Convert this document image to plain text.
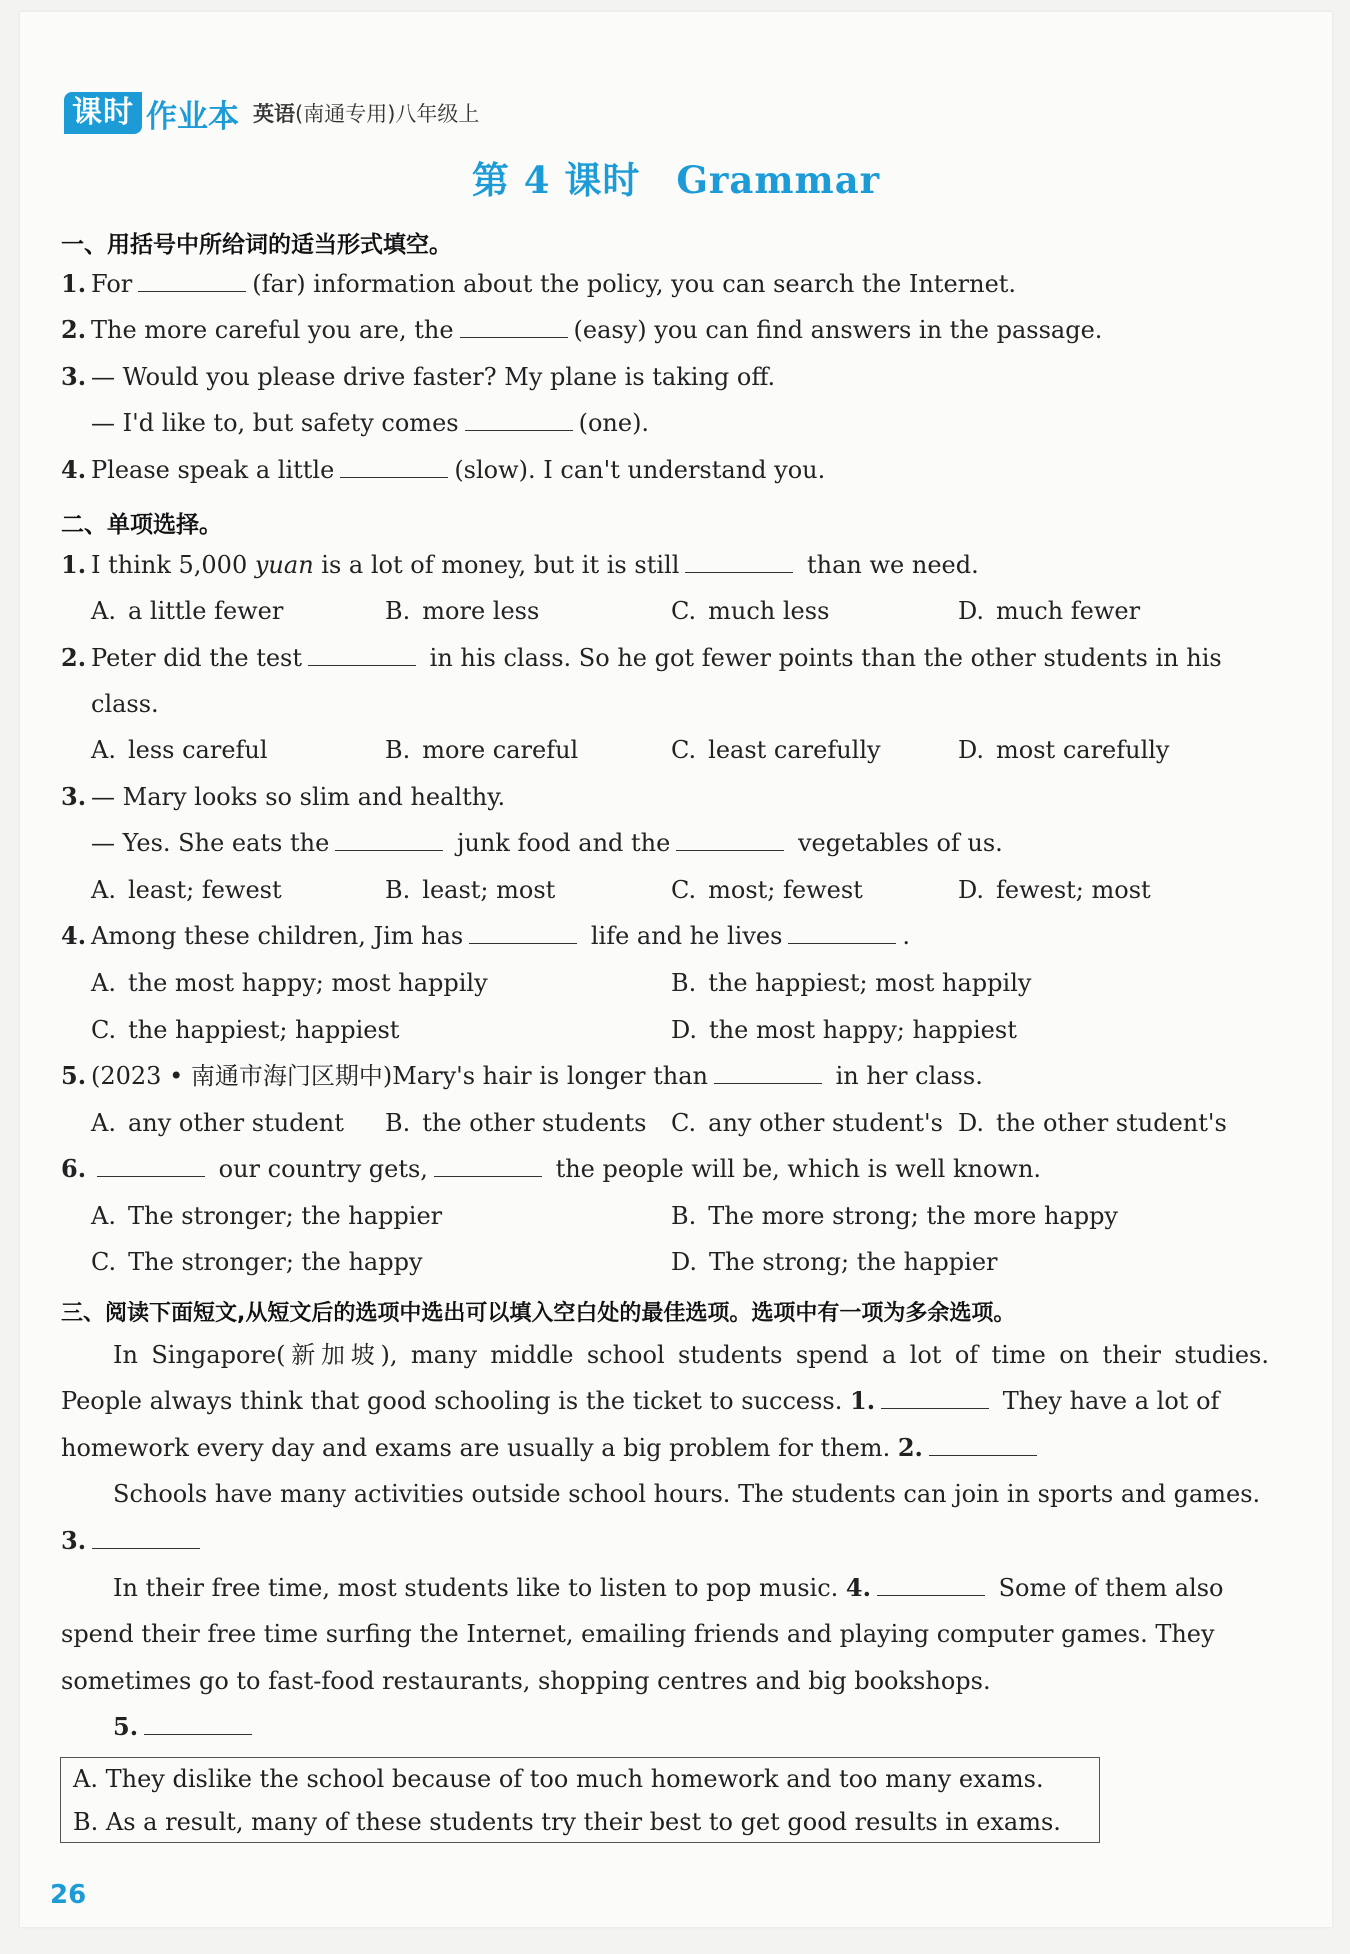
课时 作业本 英语(南通专用)八年级上
第 4 课时 Grammar
一、用括号中所给词的适当形式填空。
1. For	(far) information about the policy, you can search the Internet.
2. The more careful you are, the	(easy) you can find answers in the passage.
3. — Would you please drive faster? My plane is taking off.
— I'd like to, but safety comes	(one).
4. Please speak a little	(slow). I can't understand you.
二、单项选择。
1. I think 5,000 yuan is a lot of money, but it is still	than we need.
A. a little fewer	B. more less	C. much less	D. much fewer
2. Peter did the test	in his class. So he got fewer points than the other students in his
class.
A. less careful	B. more careful	C. least carefully	D. most carefully
3. — Mary looks so slim and healthy.
— Yes. She eats the	junk food and the	vegetables of us.
A. least; fewest	B. least; most	C. most; fewest	D. fewest; most
4. Among these children, Jim has	life and he lives	.
A. the most happy; most happily	B. the happiest; most happily
C. the happiest; happiest	D. the most happy; happiest
5. (2023 • 南通市海门区期中)Mary's hair is longer than	in her class.
A. any other student B. the other students C. any other student's D. the other student's
6.	our country gets,	the people will be, which is well known.
A. The stronger; the happier	B. The more strong; the more happy
C. The stronger; the happy	D. The strong; the happier
三、阅读下面短文,从短文后的选项中选出可以填入空白处的最佳选项。选项中有一项为多余选项。
In Singapore(新加坡), many middle school students spend a lot of time on their studies.
People always think that good schooling is the ticket to success. 1.	They have a lot of
homework every day and exams are usually a big problem for them. 2.
Schools have many activities outside school hours. The students can join in sports and games.
3.
In their free time, most students like to listen to pop music. 4.	Some of them also
spend their free time surfing the Internet, emailing friends and playing computer games. They
sometimes go to fast-food restaurants, shopping centres and big bookshops.
5.
A. They dislike the school because of too much homework and too many exams.
B. As a result, many of these students try their best to get good results in exams.
26
